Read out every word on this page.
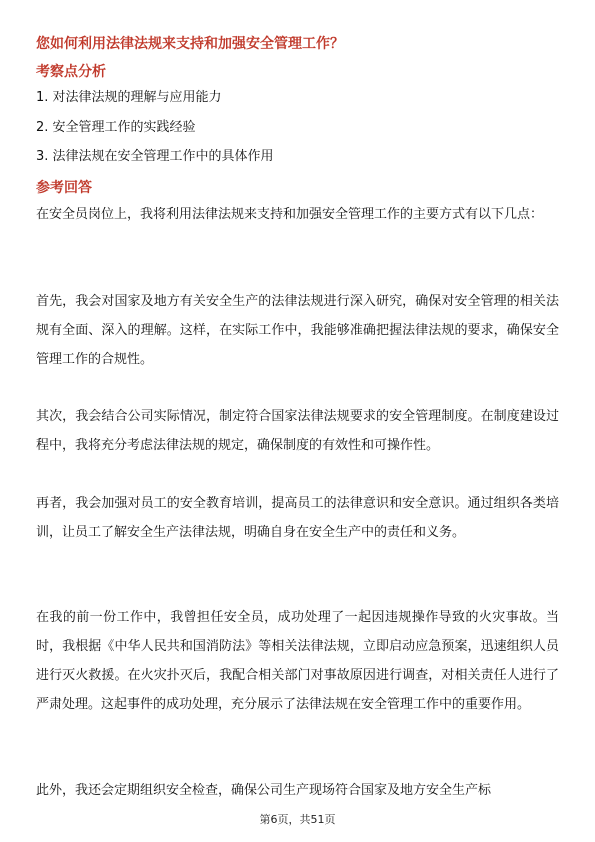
您如何利用法律法规来支持和加强安全管理工作？
考察点分析
1. 对法律法规的理解与应用能力
2. 安全管理工作的实践经验
3. 法律法规在安全管理工作中的具体作用
参考回答
在安全员岗位上，我将利用法律法规来支持和加强安全管理工作的主要方式有以下几点：
首先，我会对国家及地方有关安全生产的法律法规进行深入研究，确保对安全管理的相关法规有全面、深入的理解。这样，在实际工作中，我能够准确把握法律法规的要求，确保安全管理工作的合规性。
其次，我会结合公司实际情况，制定符合国家法律法规要求的安全管理制度。在制度建设过程中，我将充分考虑法律法规的规定，确保制度的有效性和可操作性。
再者，我会加强对员工的安全教育培训，提高员工的法律意识和安全意识。通过组织各类培训，让员工了解安全生产法律法规，明确自身在安全生产中的责任和义务。
在我的前一份工作中，我曾担任安全员，成功处理了一起因违规操作导致的火灾事故。当时，我根据《中华人民共和国消防法》等相关法律法规，立即启动应急预案，迅速组织人员进行灭火救援。在火灾扑灭后，我配合相关部门对事故原因进行调查，对相关责任人进行了严肃处理。这起事件的成功处理，充分展示了法律法规在安全管理工作中的重要作用。
此外，我还会定期组织安全检查，确保公司生产现场符合国家及地方安全生产标
第6页，共51页
